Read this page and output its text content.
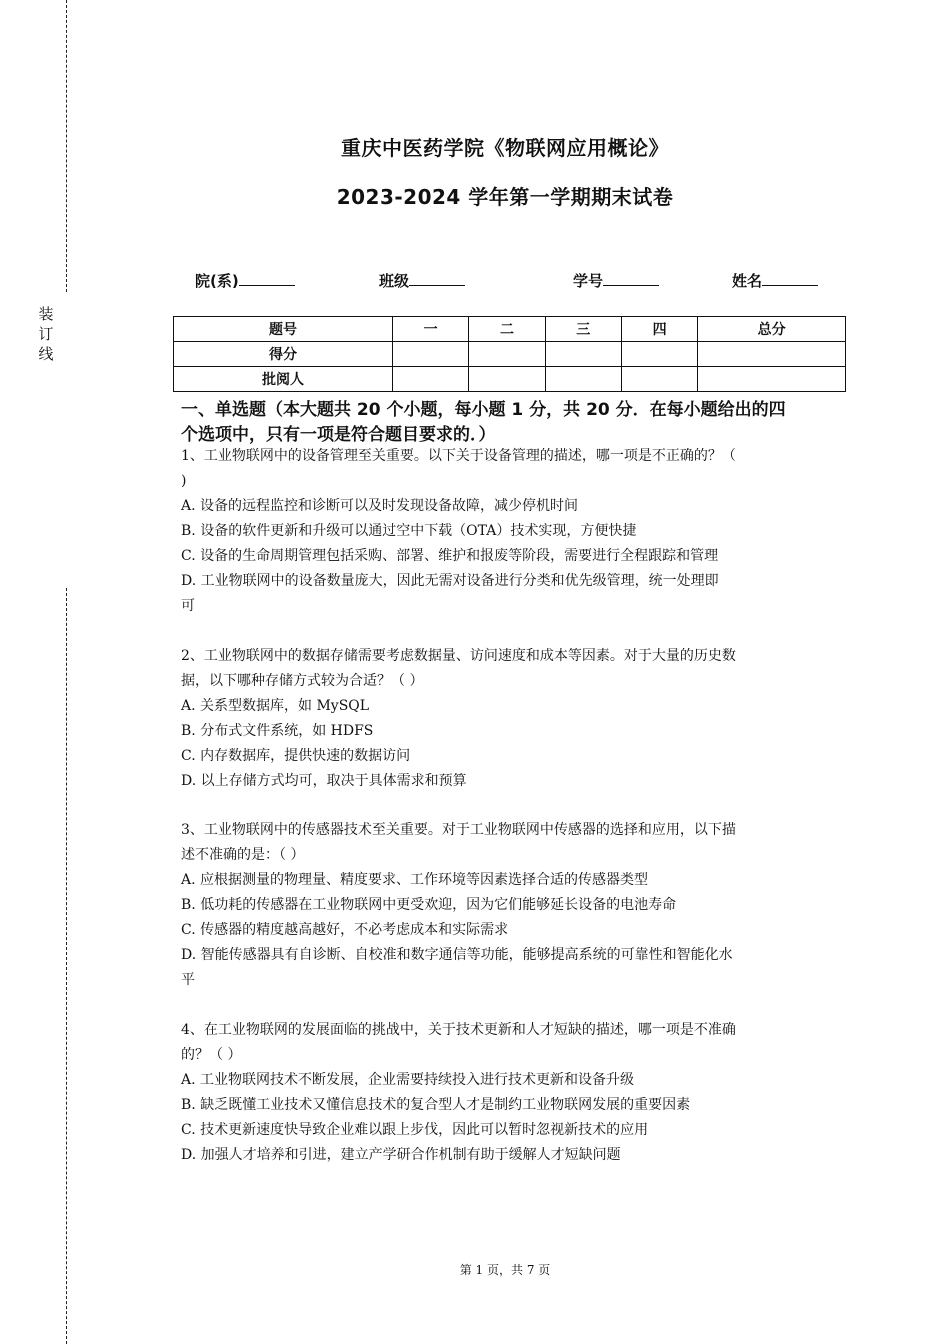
装
订
线
重庆中医药学院《物联网应用概论》
2023-2024 学年第一学期期末试卷
院(系)	班级	学号	姓名
题号	一	二	三	四	总分
得分					
批阅人					
一、单选题（本大题共 20 个小题，每小题 1 分，共 20 分．在每小题给出的四
个选项中，只有一项是符合题目要求的．）
1、工业物联网中的设备管理至关重要。以下关于设备管理的描述，哪一项是不正确的？（
)
A. 设备的远程监控和诊断可以及时发现设备故障，减少停机时间
B. 设备的软件更新和升级可以通过空中下载（OTA）技术实现，方便快捷
C. 设备的生命周期管理包括采购、部署、维护和报废等阶段，需要进行全程跟踪和管理
D. 工业物联网中的设备数量庞大，因此无需对设备进行分类和优先级管理，统一处理即
可
2、工业物联网中的数据存储需要考虑数据量、访问速度和成本等因素。对于大量的历史数
据，以下哪种存储方式较为合适？（ ）
A. 关系型数据库，如 MySQL
B. 分布式文件系统，如 HDFS
C. 内存数据库，提供快速的数据访问
D. 以上存储方式均可，取决于具体需求和预算
3、工业物联网中的传感器技术至关重要。对于工业物联网中传感器的选择和应用，以下描
述不准确的是：（ ）
A. 应根据测量的物理量、精度要求、工作环境等因素选择合适的传感器类型
B. 低功耗的传感器在工业物联网中更受欢迎，因为它们能够延长设备的电池寿命
C. 传感器的精度越高越好，不必考虑成本和实际需求
D. 智能传感器具有自诊断、自校准和数字通信等功能，能够提高系统的可靠性和智能化水
平
4、在工业物联网的发展面临的挑战中，关于技术更新和人才短缺的描述，哪一项是不准确
的？（ ）
A. 工业物联网技术不断发展，企业需要持续投入进行技术更新和设备升级
B. 缺乏既懂工业技术又懂信息技术的复合型人才是制约工业物联网发展的重要因素
C. 技术更新速度快导致企业难以跟上步伐，因此可以暂时忽视新技术的应用
D. 加强人才培养和引进，建立产学研合作机制有助于缓解人才短缺问题
第 1 页，共 7 页
